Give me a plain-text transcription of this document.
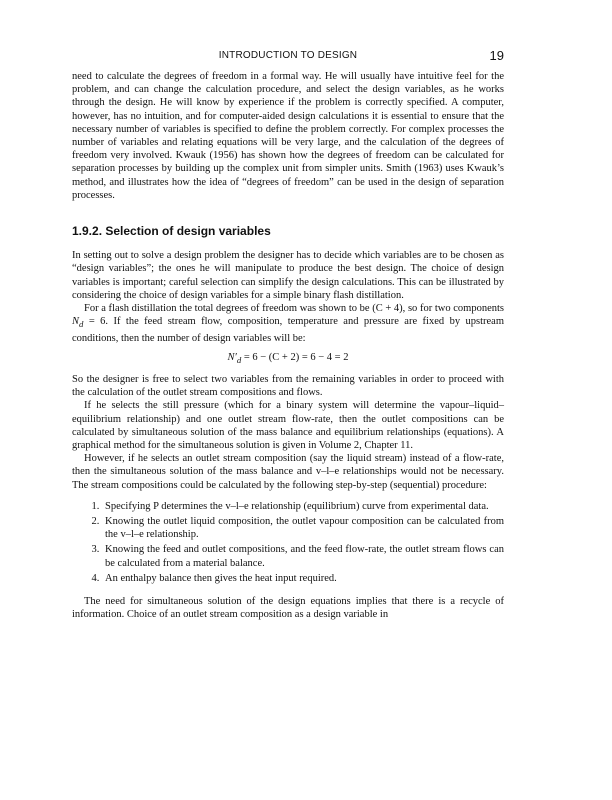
INTRODUCTION TO DESIGN	19

need to calculate the degrees of freedom in a formal way. He will usually have intuitive feel for the problem, and can change the calculation procedure, and select the design variables, as he works through the design. He will know by experience if the problem is correctly specified. A computer, however, has no intuition, and for computer-aided design calculations it is essential to ensure that the necessary number of variables is specified to define the problem correctly. For complex processes the number of variables and relating equations will be very large, and the calculation of the degrees of freedom very involved. Kwauk (1956) has shown how the degrees of freedom can be calculated for separation processes by building up the complex unit from simpler units. Smith (1963) uses Kwauk’s method, and illustrates how the idea of “degrees of freedom” can be used in the design of separation processes.

1.9.2. Selection of design variables

In setting out to solve a design problem the designer has to decide which variables are to be chosen as “design variables”; the ones he will manipulate to produce the best design. The choice of design variables is important; careful selection can simplify the design calculations. This can be illustrated by considering the choice of design variables for a simple binary flash distillation.

For a flash distillation the total degrees of freedom was shown to be (C + 4), so for two components $N_d = 6$. If the feed stream flow, composition, temperature and pressure are fixed by upstream conditions, then the number of design variables will be:

$N'_d = 6 - (C + 2) = 6 - 4 = 2$

So the designer is free to select two variables from the remaining variables in order to proceed with the calculation of the outlet stream compositions and flows.

If he selects the still pressure (which for a binary system will determine the vapour–liquid–equilibrium relationship) and one outlet stream flow-rate, then the outlet compositions can be calculated by simultaneous solution of the mass balance and equilibrium relationships (equations). A graphical method for the simultaneous solution is given in Volume 2, Chapter 11.

However, if he selects an outlet stream composition (say the liquid stream) instead of a flow-rate, then the simultaneous solution of the mass balance and v–l–e relationships would not be necessary. The stream compositions could be calculated by the following step-by-step (sequential) procedure:

1. Specifying P determines the v–l–e relationship (equilibrium) curve from experimental data.
2. Knowing the outlet liquid composition, the outlet vapour composition can be calculated from the v–l–e relationship.
3. Knowing the feed and outlet compositions, and the feed flow-rate, the outlet stream flows can be calculated from a material balance.
4. An enthalpy balance then gives the heat input required.

The need for simultaneous solution of the design equations implies that there is a recycle of information. Choice of an outlet stream composition as a design variable in
